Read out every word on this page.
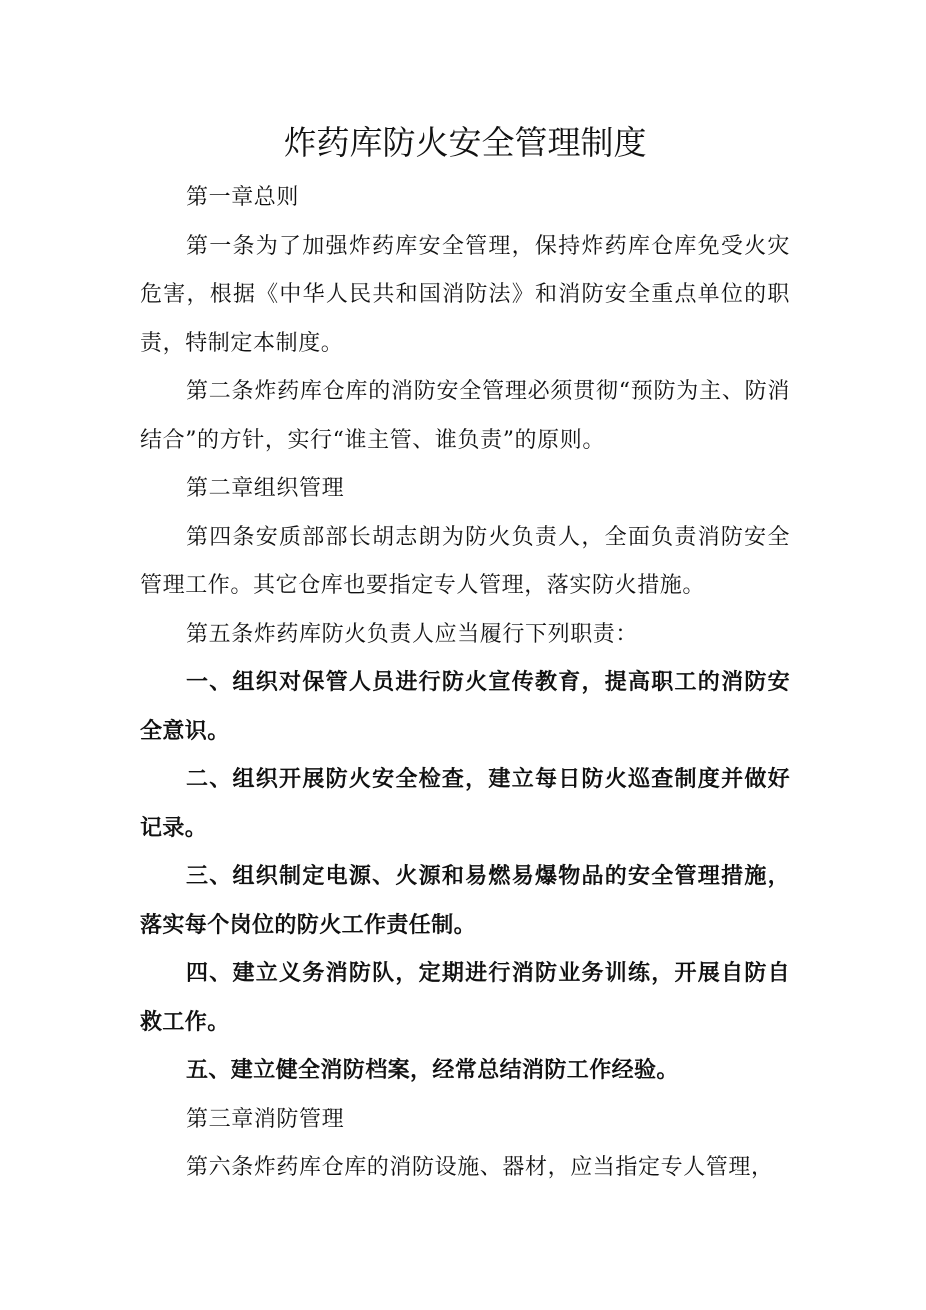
炸药库防火安全管理制度

第一章总则

第一条为了加强炸药库安全管理，保持炸药库仓库免受火灾危害，根据《中华人民共和国消防法》和消防安全重点单位的职责，特制定本制度。

第二条炸药库仓库的消防安全管理必须贯彻“预防为主、防消结合”的方针，实行“谁主管、谁负责”的原则。

第二章组织管理

第四条安质部部长胡志朗为防火负责人，全面负责消防安全管理工作。其它仓库也要指定专人管理，落实防火措施。

第五条炸药库防火负责人应当履行下列职责：

一、组织对保管人员进行防火宣传教育，提高职工的消防安全意识。

二、组织开展防火安全检查，建立每日防火巡查制度并做好记录。

三、组织制定电源、火源和易燃易爆物品的安全管理措施，落实每个岗位的防火工作责任制。

四、建立义务消防队，定期进行消防业务训练，开展自防自救工作。

五、建立健全消防档案，经常总结消防工作经验。

第三章消防管理

第六条炸药库仓库的消防设施、器材，应当指定专人管理，
